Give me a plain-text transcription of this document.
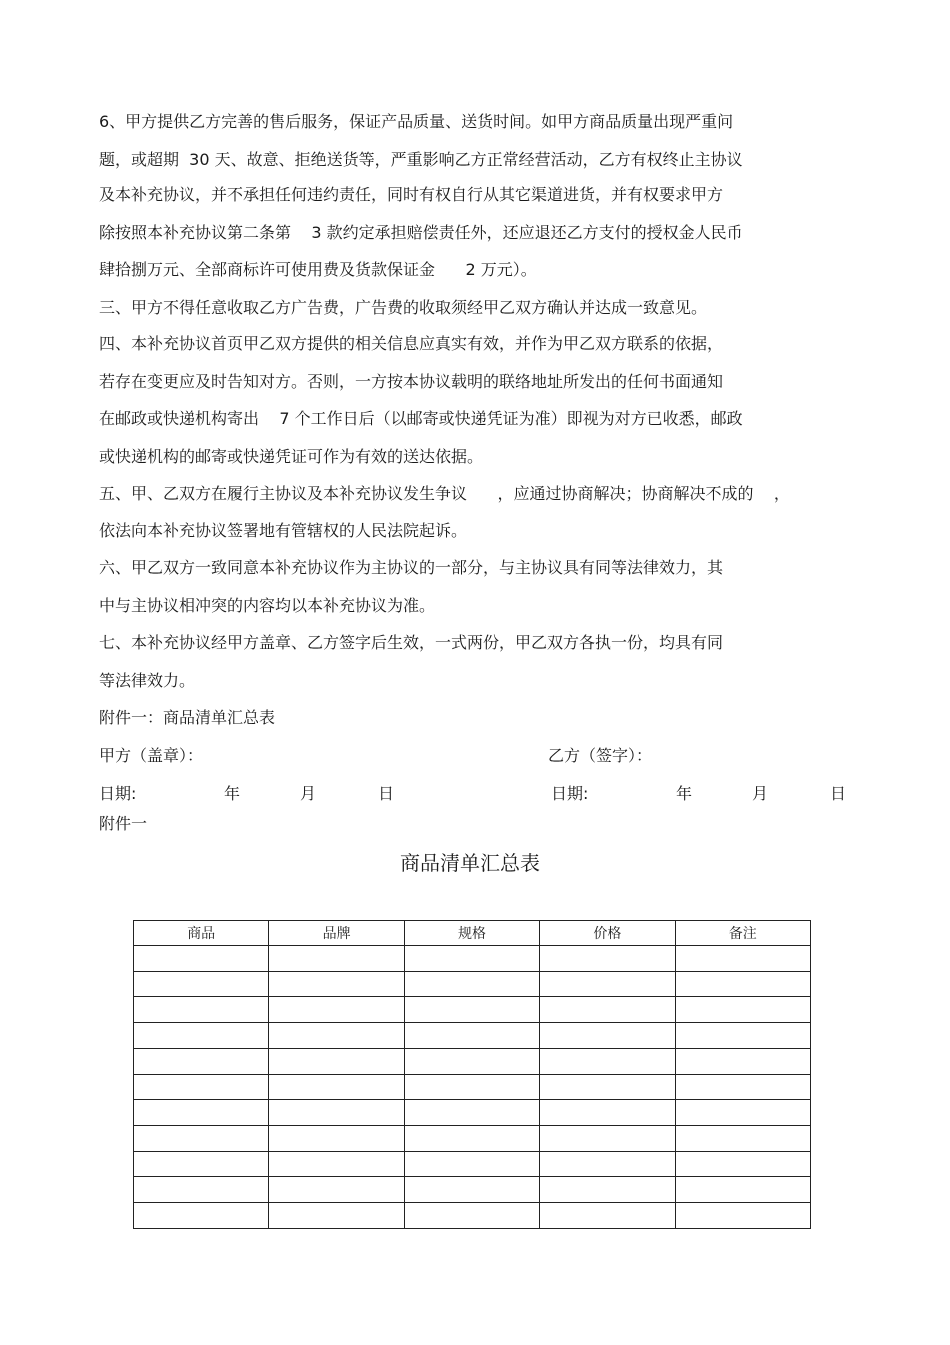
6、甲方提供乙方完善的售后服务，保证产品质量、送货时间。如甲方商品质量出现严重问
题，或超期  30 天、故意、拒绝送货等，严重影响乙方正常经营活动，乙方有权终止主协议
及本补充协议，并不承担任何违约责任，同时有权自行从其它渠道进货，并有权要求甲方
除按照本补充协议第二条第    3 款约定承担赔偿责任外，还应退还乙方支付的授权金人民币
肆拾捌万元、全部商标许可使用费及货款保证金      2 万元）。
三、甲方不得任意收取乙方广告费，广告费的收取须经甲乙双方确认并达成一致意见。
四、本补充协议首页甲乙双方提供的相关信息应真实有效，并作为甲乙双方联系的依据，
若存在变更应及时告知对方。否则，一方按本协议载明的联络地址所发出的任何书面通知
在邮政或快递机构寄出    7 个工作日后（以邮寄或快递凭证为准）即视为对方已收悉，邮政
或快递机构的邮寄或快递凭证可作为有效的送达依据。
五、甲、乙双方在履行主协议及本补充协议发生争议      ，应通过协商解决；协商解决不成的    ，
依法向本补充协议签署地有管辖权的人民法院起诉。
六、甲乙双方一致同意本补充协议作为主协议的一部分，与主协议具有同等法律效力，其
中与主协议相冲突的内容均以本补充协议为准。
七、本补充协议经甲方盖章、乙方签字后生效，一式两份，甲乙双方各执一份，均具有同
等法律效力。
附件一：商品清单汇总表
甲方（盖章）：	乙方（签字）：
日期:	年	月	日	日期:	年	月	日
附件一
商品清单汇总表
商品	品牌	规格	价格	备注
